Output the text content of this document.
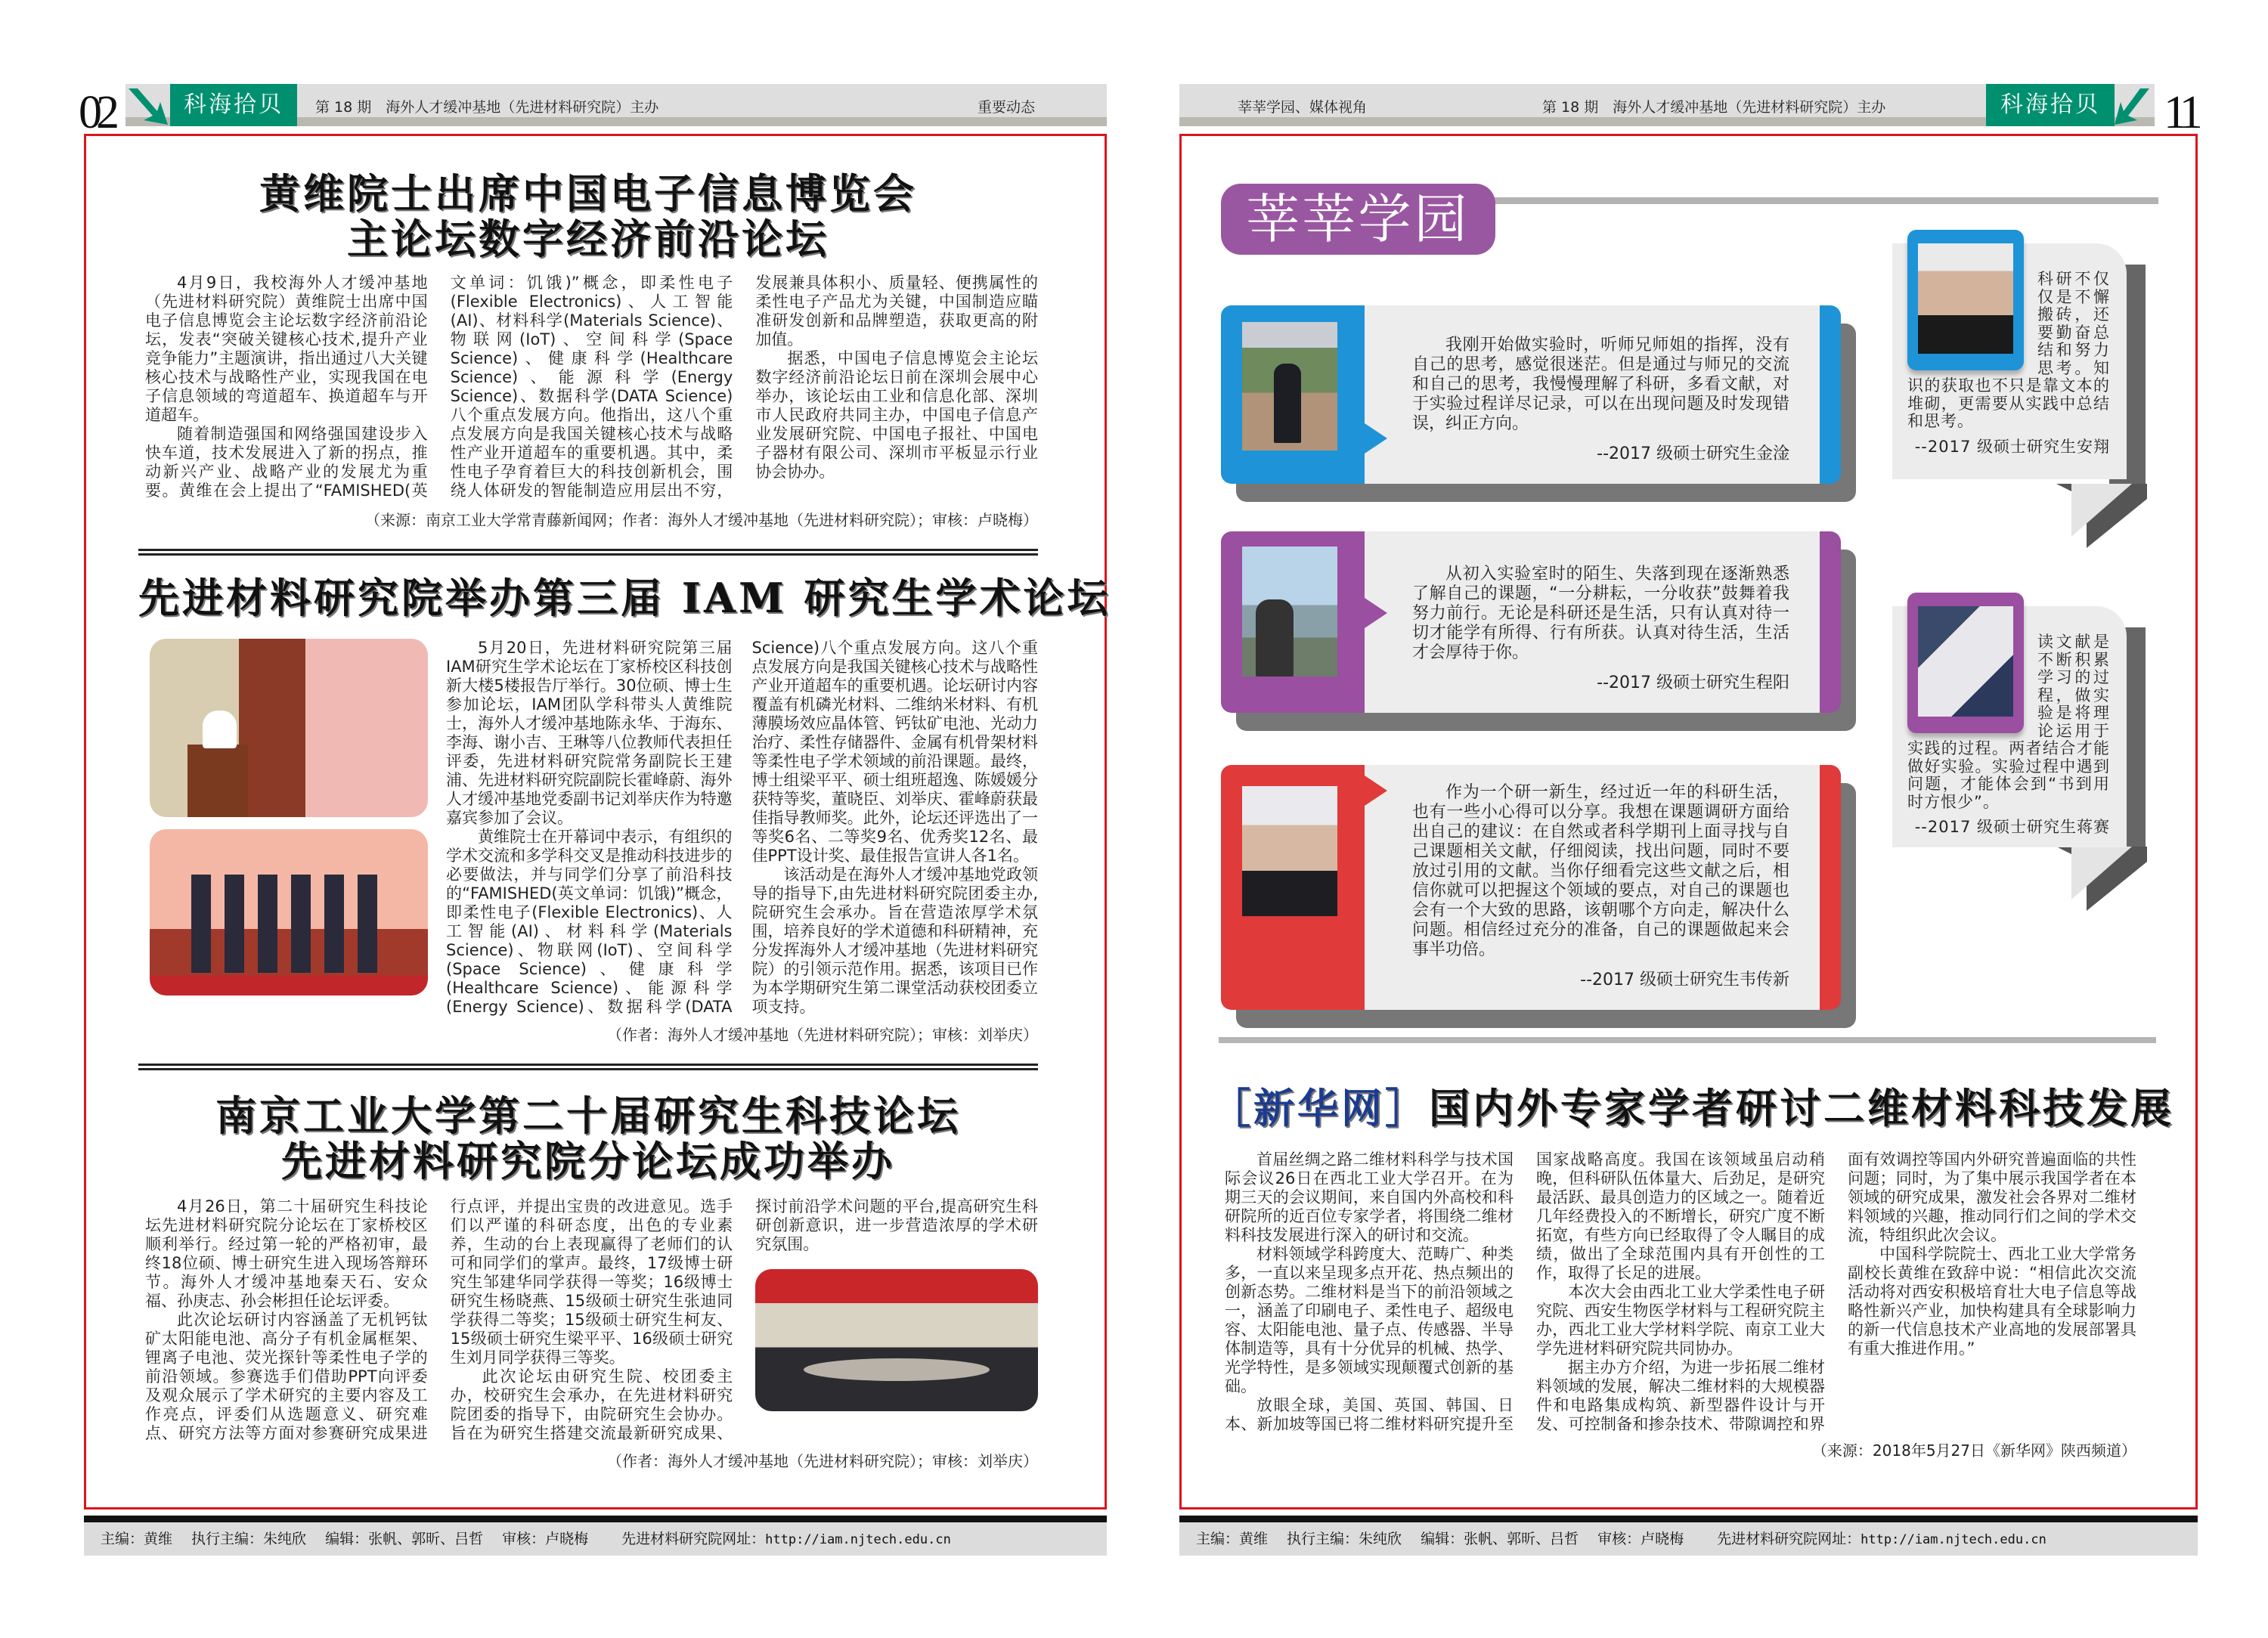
02	科海拾贝	第 18 期　海外人才缓冲基地（先进材料研究院）主办	重要动态
黄维院士出席中国电子信息博览会
主论坛数字经济前沿论坛

4月9日，我校海外人才缓冲基地（先进材料研究院）黄维院士出席中国电子信息博览会主论坛数字经济前沿论坛，发表“突破关键核心技术,提升产业竞争能力”主题演讲，指出通过八大关键核心技术与战略性产业，实现我国在电子信息领域的弯道超车、换道超车与开道超车。

随着制造强国和网络强国建设步入快车道，技术发展进入了新的拐点，推动新兴产业、战略产业的发展尤为重要。黄维在会上提出了“FAMISHED(英文单词：饥饿)”概念，即柔性电子(Flexible Electronics)、人工智能(AI)、材料科学(Materials Science)、物联网(IoT)、空间科学(Space Science)、健康科学(Healthcare Science)、能源科学(Energy Science)、数据科学(DATA Science)八个重点发展方向。他指出，这八个重点发展方向是我国关键核心技术与战略性产业开道超车的重要机遇。其中，柔性电子孕育着巨大的科技创新机会，围绕人体研发的智能制造应用层出不穷，发展兼具体积小、质量轻、便携属性的柔性电子产品尤为关键，中国制造应瞄准研发创新和品牌塑造，获取更高的附加值。

据悉，中国电子信息博览会主论坛数字经济前沿论坛日前在深圳会展中心举办，该论坛由工业和信息化部、深圳市人民政府共同主办，中国电子信息产业发展研究院、中国电子报社、中国电子器材有限公司、深圳市平板显示行业协会协办。

（来源：南京工业大学常青藤新闻网；作者：海外人才缓冲基地（先进材料研究院）；审核：卢晓梅）
先进材料研究院举办第三届 IAM 研究生学术论坛

5月20日，先进材料研究院第三届IAM研究生学术论坛在丁家桥校区科技创新大楼5楼报告厅举行。30位硕、博士生参加论坛，IAM团队学科带头人黄维院士，海外人才缓冲基地陈永华、于海东、李海、谢小吉、王琳等八位教师代表担任评委，先进材料研究院常务副院长王建浦、先进材料研究院副院长霍峰蔚、海外人才缓冲基地党委副书记刘举庆作为特邀嘉宾参加了会议。

黄维院士在开幕词中表示，有组织的学术交流和多学科交叉是推动科技进步的必要做法，并与同学们分享了前沿科技的“FAMISHED(英文单词：饥饿)”概念，即柔性电子(Flexible Electronics)、人工智能(AI)、材料科学(Materials Science)、物联网(IoT)、空间科学(Space Science)、健康科学(Healthcare Science)、能源科学(Energy Science)、数据科学(DATA Science)八个重点发展方向。这八个重点发展方向是我国关键核心技术与战略性产业开道超车的重要机遇。论坛研讨内容覆盖有机磷光材料、二维纳米材料、有机薄膜场效应晶体管、钙钛矿电池、光动力治疗、柔性存储器件、金属有机骨架材料等柔性电子学术领域的前沿课题。最终，博士组梁平平、硕士组班超逸、陈媛媛分获特等奖，董晓臣、刘举庆、霍峰蔚获最佳指导教师奖。此外，论坛还评选出了一等奖6名、二等奖9名、优秀奖12名、最佳PPT设计奖、最佳报告宣讲人各1名。

该活动是在海外人才缓冲基地党政领导的指导下,由先进材料研究院团委主办,院研究生会承办。旨在营造浓厚学术氛围，培养良好的学术道德和科研精神，充分发挥海外人才缓冲基地（先进材料研究院）的引领示范作用。据悉，该项目已作为本学期研究生第二课堂活动获校团委立项支持。

（作者：海外人才缓冲基地（先进材料研究院）；审核：刘举庆）
南京工业大学第二十届研究生科技论坛
先进材料研究院分论坛成功举办

4月26日，第二十届研究生科技论坛先进材料研究院分论坛在丁家桥校区顺利举行。经过第一轮的严格初审，最终18位硕、博士研究生进入现场答辩环节。海外人才缓冲基地秦天石、安众福、孙庚志、孙会彬担任论坛评委。

此次论坛研讨内容涵盖了无机钙钛矿太阳能电池、高分子有机金属框架、锂离子电池、荧光探针等柔性电子学的前沿领域。参赛选手们借助PPT向评委及观众展示了学术研究的主要内容及工作亮点，评委们从选题意义、研究难点、研究方法等方面对参赛研究成果进行点评，并提出宝贵的改进意见。选手们以严谨的科研态度，出色的专业素养，生动的台上表现赢得了老师们的认可和同学们的掌声。最终，17级博士研究生邹建华同学获得一等奖；16级博士研究生杨晓燕、15级硕士研究生张迪同学获得二等奖；15级硕士研究生柯友、15级硕士研究生梁平平、16级硕士研究生刘月同学获得三等奖。

此次论坛由研究生院、校团委主办，校研究生会承办，在先进材料研究院团委的指导下，由院研究生会协办。旨在为研究生搭建交流最新研究成果、探讨前沿学术问题的平台,提高研究生科研创新意识，进一步营造浓厚的学术研究氛围。

（作者：海外人才缓冲基地（先进材料研究院）；审核：刘举庆）
主编：黄维　 执行主编：朱纯欣　 编辑：张帆、郭昕、吕哲　 审核：卢晓梅　　 先进材料研究院网址：http://iam.njtech.edu.cn
莘莘学园、媒体视角	第 18 期　海外人才缓冲基地（先进材料研究院）主办	科海拾贝	11
莘莘学园

我刚开始做实验时，听师兄师姐的指挥，没有自己的思考，感觉很迷茫。但是通过与师兄的交流和自己的思考，我慢慢理解了科研，多看文献，对于实验过程详尽记录，可以在出现问题及时发现错误，纠正方向。

--2017 级硕士研究生金淦

从初入实验室时的陌生、失落到现在逐渐熟悉了解自己的课题，“一分耕耘，一分收获”鼓舞着我努力前行。无论是科研还是生活，只有认真对待一切才能学有所得、行有所获。认真对待生活，生活才会厚待于你。

--2017 级硕士研究生程阳

作为一个研一新生，经过近一年的科研生活，也有一些小心得可以分享。我想在课题调研方面给出自己的建议：在自然或者科学期刊上面寻找与自己课题相关文献，仔细阅读，找出问题，同时不要放过引用的文献。当你仔细看完这些文献之后，相信你就可以把握这个领域的要点，对自己的课题也会有一个大致的思路，该朝哪个方向走，解决什么问题。相信经过充分的准备，自己的课题做起来会事半功倍。

--2017 级硕士研究生韦传新
科研不仅仅是不懈搬砖，还要勤奋总结和努力思考。知识的获取也不只是靠文本的堆砌，更需要从实践中总结和思考。
--2017 级硕士研究生安翔
读文献是不断积累学习的过程，做实验是将理论运用于实践的过程。两者结合才能做好实验。实验过程中遇到问题，才能体会到“书到用时方恨少”。
--2017 级硕士研究生蒋赛
［新华网］国内外专家学者研讨二维材料科技发展

首届丝绸之路二维材料科学与技术国际会议26日在西北工业大学召开。在为期三天的会议期间，来自国内外高校和科研院所的近百位专家学者，将围绕二维材料科技发展进行深入的研讨和交流。

材料领域学科跨度大、范畴广、种类多，一直以来呈现多点开花、热点频出的创新态势。二维材料是当下的前沿领域之一，涵盖了印刷电子、柔性电子、超级电容、太阳能电池、量子点、传感器、半导体制造等，具有十分优异的机械、热学、光学特性，是多领域实现颠覆式创新的基础。

放眼全球，美国、英国、韩国、日本、新加坡等国已将二维材料研究提升至国家战略高度。我国在该领域虽启动稍晚，但科研队伍体量大、后劲足，是研究最活跃、最具创造力的区域之一。随着近几年经费投入的不断增长，研究广度不断拓宽，有些方向已经取得了令人瞩目的成绩，做出了全球范围内具有开创性的工作，取得了长足的进展。

本次大会由西北工业大学柔性电子研究院、西安生物医学材料与工程研究院主办，西北工业大学材料学院、南京工业大学先进材料研究院共同协办。

据主办方介绍，为进一步拓展二维材料领域的发展，解决二维材料的大规模器件和电路集成构筑、新型器件设计与开发、可控制备和掺杂技术、带隙调控和界面有效调控等国内外研究普遍面临的共性问题；同时，为了集中展示我国学者在本领域的研究成果，激发社会各界对二维材料领域的兴趣，推动同行们之间的学术交流，特组织此次会议。

中国科学院院士、西北工业大学常务副校长黄维在致辞中说：“相信此次交流活动将对西安积极培育壮大电子信息等战略性新兴产业，加快构建具有全球影响力的新一代信息技术产业高地的发展部署具有重大推进作用。”

（来源：2018年5月27日《新华网》陕西频道）
主编：黄维　 执行主编：朱纯欣　 编辑：张帆、郭昕、吕哲　 审核：卢晓梅　　 先进材料研究院网址：http://iam.njtech.edu.cn
